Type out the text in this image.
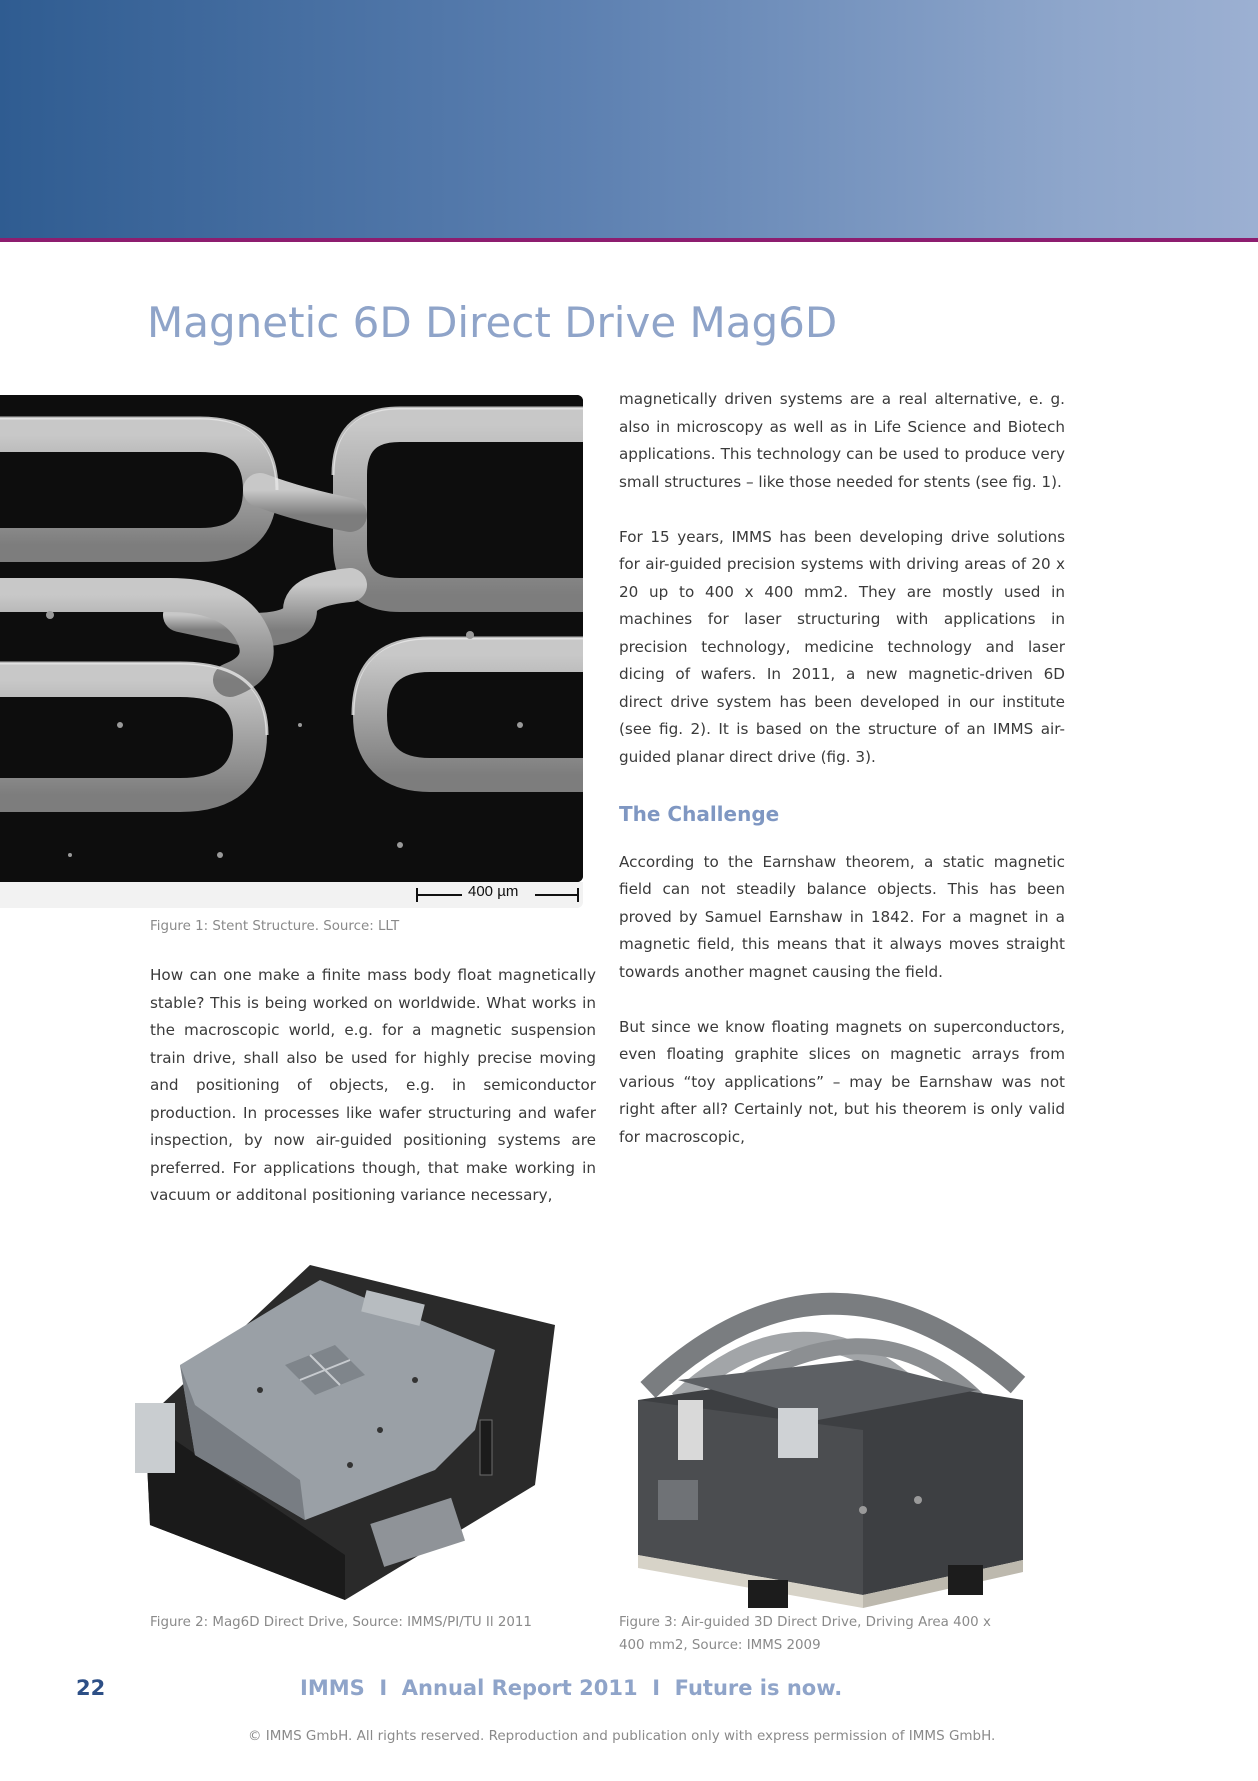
Magnetic 6D Direct Drive Mag6D
400 µm
Figure 1: Stent Structure. Source: LLT

How can one make a finite mass body float magnetically stable? This is being worked on worldwide. What works in the macroscopic world, e.g. for a magnetic suspension train drive, shall also be used for highly precise moving and positioning of objects, e.g. in semiconductor production. In processes like wafer structuring and wafer inspection, by now air-guided positioning systems are preferred. For applications though, that make working in vacuum or additonal positioning variance necessary,

magnetically driven systems are a real alternative, e. g. also in microscopy as well as in Life Science and Biotech applications. This technology can be used to produce very small structures – like those needed for stents (see fig. 1).

For 15 years, IMMS has been developing drive solutions for air-guided precision systems with driving areas of 20 x 20 up to 400 x 400 mm2. They are mostly used in machines for laser structuring with applications in precision technology, medicine technology and laser dicing of wafers. In 2011, a new magnetic-driven 6D direct drive system has been developed in our institute (see fig. 2). It is based on the structure of an IMMS air-guided planar direct drive (fig. 3).

The Challenge

According to the Earnshaw theorem, a static magnetic field can not steadily balance objects. This has been proved by Samuel Earnshaw in 1842. For a magnet in a magnetic field, this means that it always moves straight towards another magnet causing the field.

But since we know floating magnets on superconductors, even floating graphite slices on magnetic arrays from various “toy applications” – may be Earnshaw was not right after all? Certainly not, but his theorem is only valid for macroscopic,

Figure 2: Mag6D Direct Drive, Source: IMMS/PI/TU Il 2011	Figure 3: Air-guided 3D Direct Drive, Driving Area 400 x
400 mm2, Source: IMMS 2009
22	IMMS  I  Annual Report 2011  I  Future is now.
© IMMS GmbH. All rights reserved. Reproduction and publication only with express permission of IMMS GmbH.
